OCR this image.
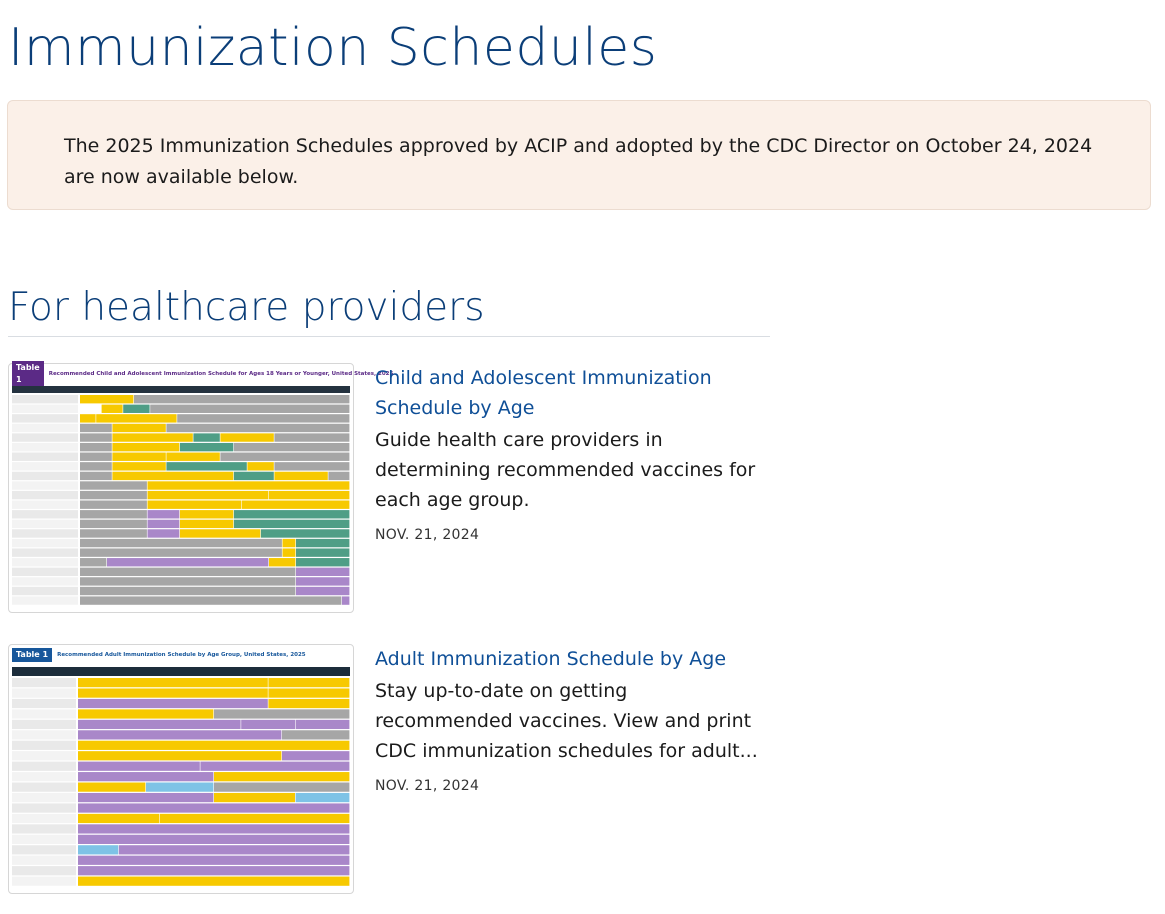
Immunization Schedules
The 2025 Immunization Schedules approved by ACIP and adopted by the CDC Director on October 24, 2024 are now available below.
For healthcare providers
Table 1
Recommended Child and Adolescent Immunization Schedule for Ages 18 Years or Younger, United States, 2025
Child and Adolescent Immunization Schedule by Age

Guide health care providers in determining recommended vaccines for each age group.

NOV. 21, 2024
Table 1	Recommended Adult Immunization Schedule by Age Group, United States, 2025	Adult Immunization Schedule by Age

Stay up-to-date on getting recommended vaccines. View and print CDC immunization schedules for adult...

NOV. 21, 2024
